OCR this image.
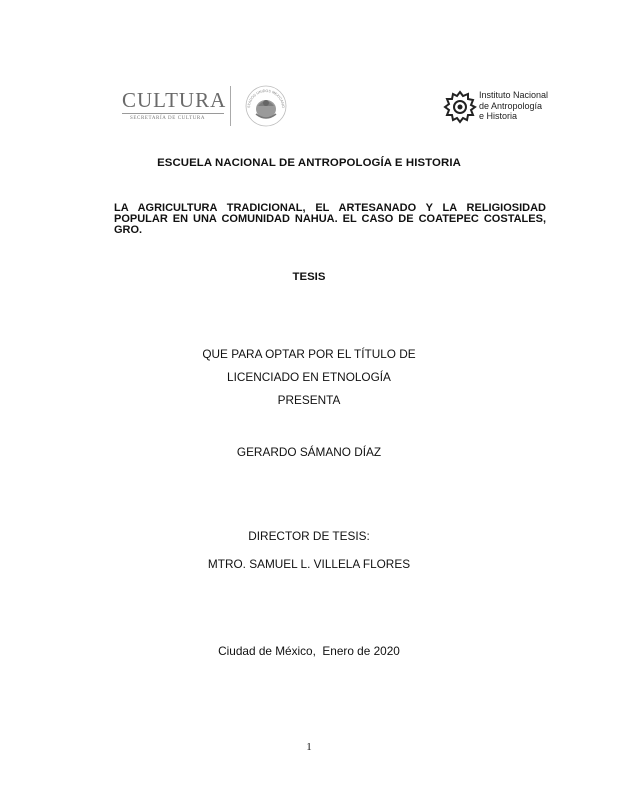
CULTURA
SECRETARÍA DE CULTURA
STADOS UNIDOS MEXICANO
Instituto Nacional
de Antropología
e Historia
ESCUELA NACIONAL DE ANTROPOLOGÍA E HISTORIA
LA AGRICULTURA TRADICIONAL, EL ARTESANADO Y LA RELIGIOSIDAD POPULAR EN UNA COMUNIDAD NAHUA. EL CASO DE COATEPEC COSTALES, GRO.
TESIS
QUE PARA OPTAR POR EL TÍTULO DE
LICENCIADO EN ETNOLOGÍA
PRESENTA
GERARDO SÁMANO DÍAZ
DIRECTOR DE TESIS:
MTRO. SAMUEL L. VILLELA FLORES
Ciudad de México,  Enero de 2020
1
